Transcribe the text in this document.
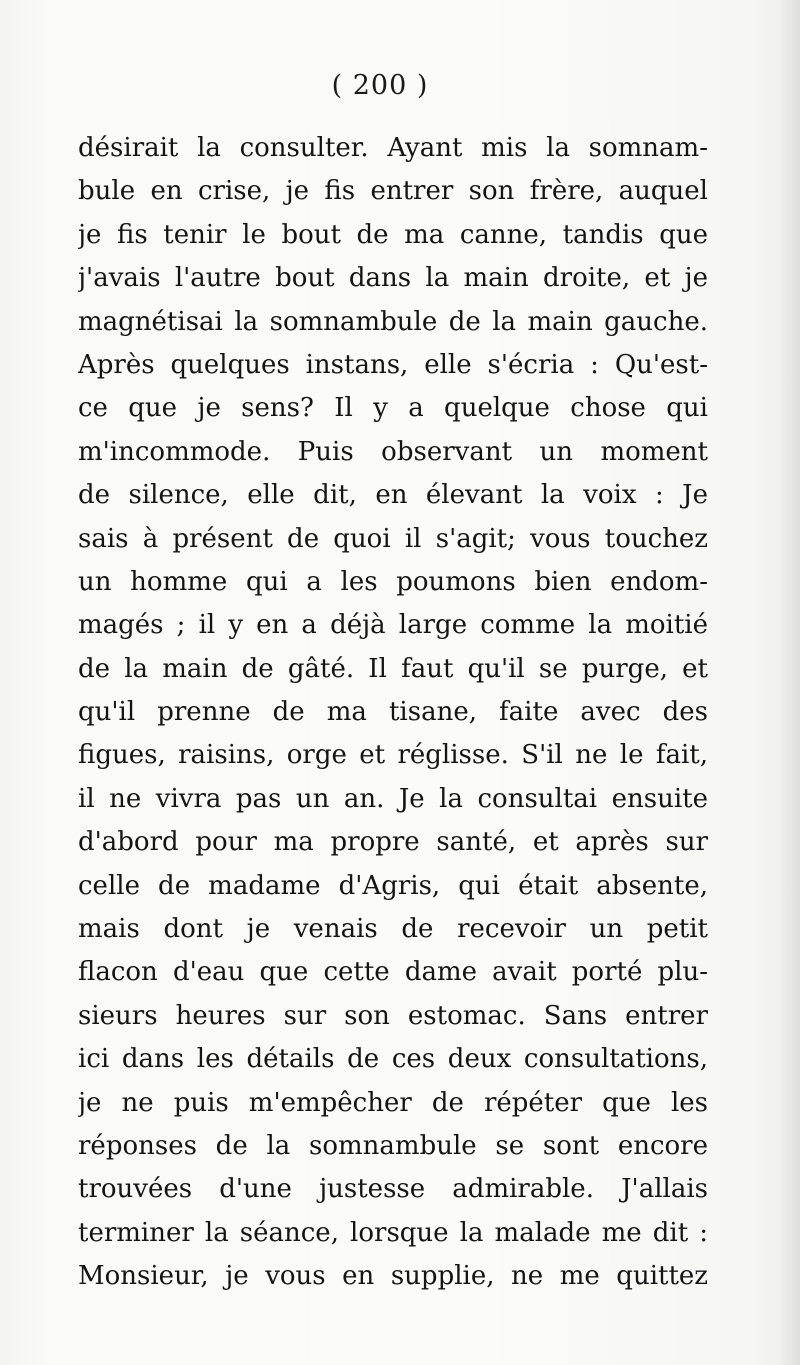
( 200 )
désirait la consulter. Ayant mis la somnam-
bule en crise, je fis entrer son frère, auquel
je fis tenir le bout de ma canne, tandis que
j'avais l'autre bout dans la main droite, et je
magnétisai la somnambule de la main gauche.
Après quelques instans, elle s'écria : Qu'est-
ce que je sens? Il y a quelque chose qui
m'incommode. Puis observant un moment
de silence, elle dit, en élevant la voix : Je
sais à présent de quoi il s'agit; vous touchez
un homme qui a les poumons bien endom-
magés ; il y en a déjà large comme la moitié
de la main de gâté. Il faut qu'il se purge, et
qu'il prenne de ma tisane, faite avec des
figues, raisins, orge et réglisse. S'il ne le fait,
il ne vivra pas un an. Je la consultai ensuite
d'abord pour ma propre santé, et après sur
celle de madame d'Agris, qui était absente,
mais dont je venais de recevoir un petit
flacon d'eau que cette dame avait porté plu-
sieurs heures sur son estomac. Sans entrer
ici dans les détails de ces deux consultations,
je ne puis m'empêcher de répéter que les
réponses de la somnambule se sont encore
trouvées d'une justesse admirable. J'allais
terminer la séance, lorsque la malade me dit :
Monsieur, je vous en supplie, ne me quittez
